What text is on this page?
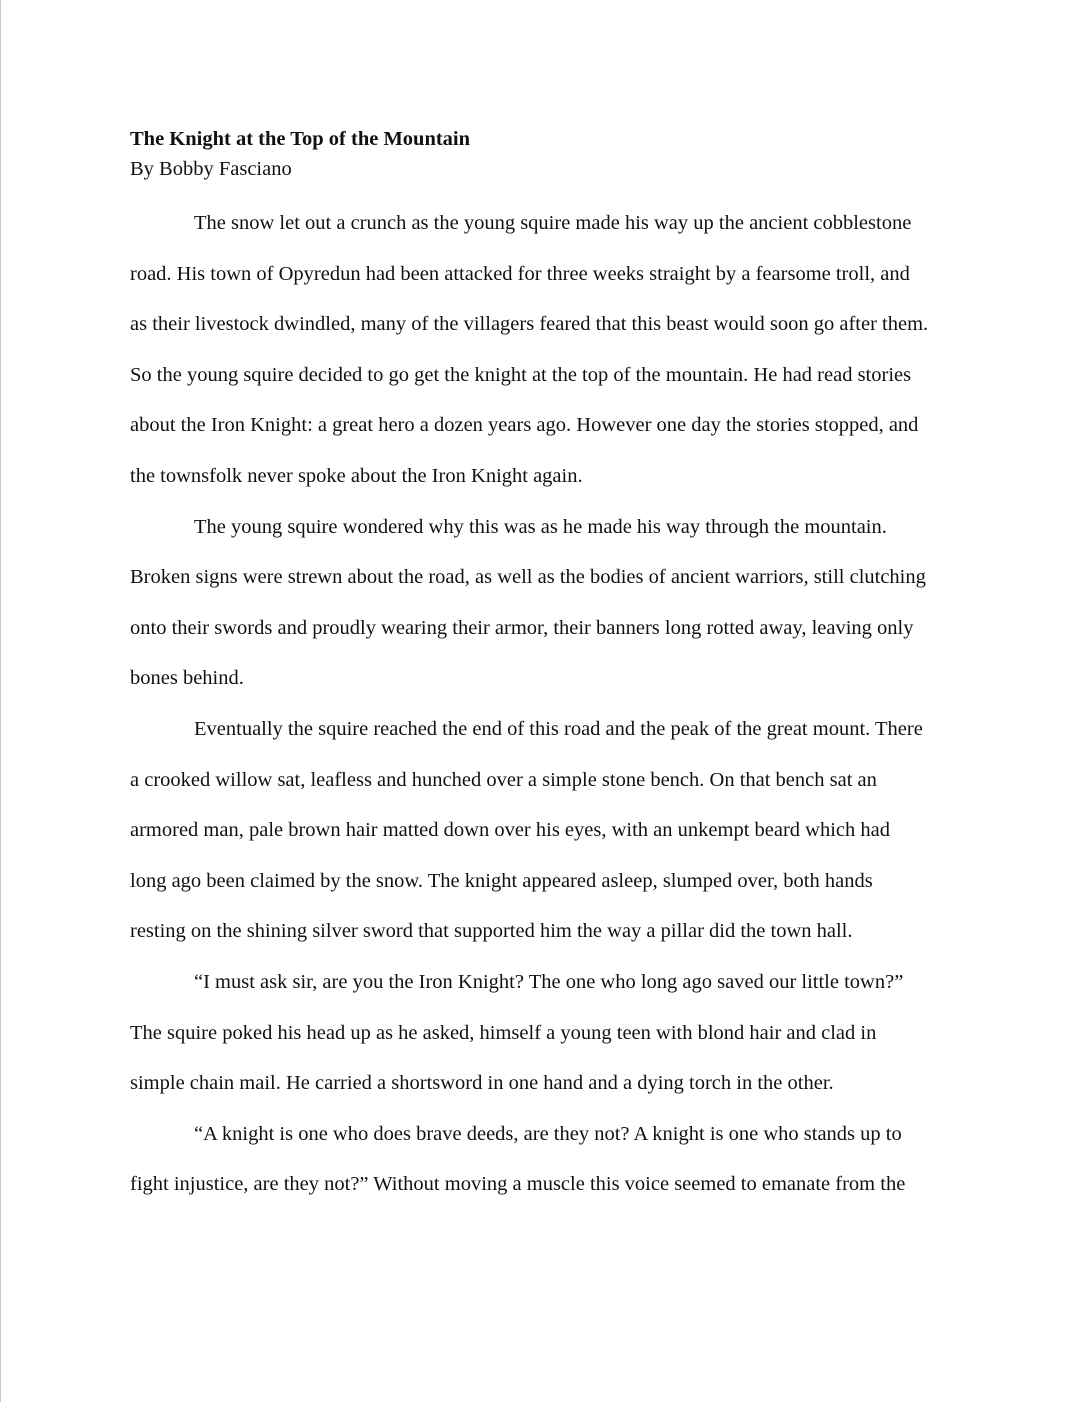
The Knight at the Top of the Mountain

By Bobby Fasciano

The snow let out a crunch as the young squire made his way up the ancient cobblestone
road. His town of Opyredun had been attacked for three weeks straight by a fearsome troll, and
as their livestock dwindled, many of the villagers feared that this beast would soon go after them.
So the young squire decided to go get the knight at the top of the mountain. He had read stories
about the Iron Knight: a great hero a dozen years ago. However one day the stories stopped, and
the townsfolk never spoke about the Iron Knight again.
The young squire wondered why this was as he made his way through the mountain.
Broken signs were strewn about the road, as well as the bodies of ancient warriors, still clutching
onto their swords and proudly wearing their armor, their banners long rotted away, leaving only
bones behind.
Eventually the squire reached the end of this road and the peak of the great mount. There
a crooked willow sat, leafless and hunched over a simple stone bench. On that bench sat an
armored man, pale brown hair matted down over his eyes, with an unkempt beard which had
long ago been claimed by the snow. The knight appeared asleep, slumped over, both hands
resting on the shining silver sword that supported him the way a pillar did the town hall.
“I must ask sir, are you the Iron Knight? The one who long ago saved our little town?”
The squire poked his head up as he asked, himself a young teen with blond hair and clad in
simple chain mail. He carried a shortsword in one hand and a dying torch in the other.
“A knight is one who does brave deeds, are they not? A knight is one who stands up to
fight injustice, are they not?” Without moving a muscle this voice seemed to emanate from the
